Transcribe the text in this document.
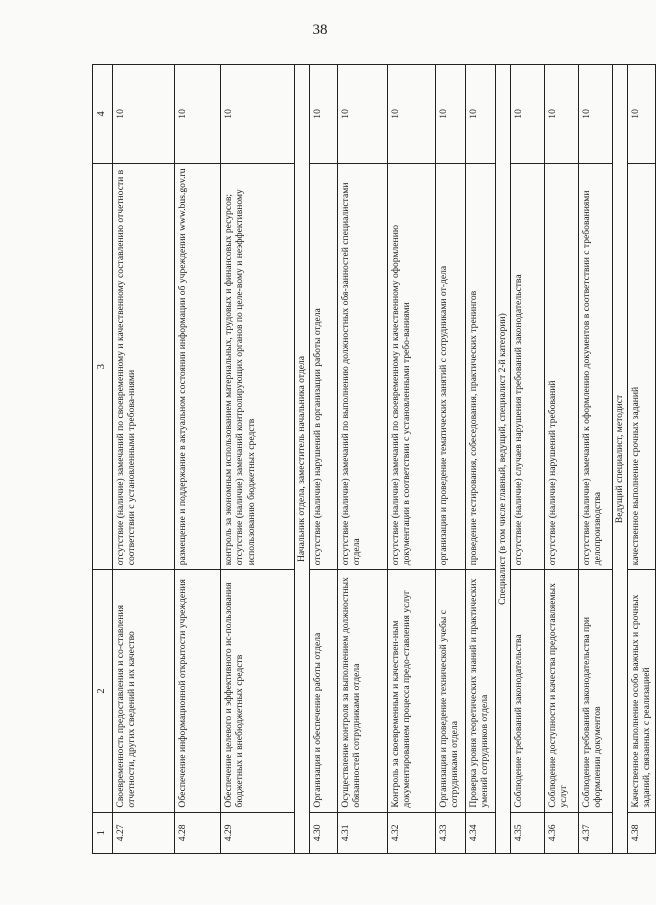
38
1	2	3	4
4.27	Своевременность предоставления и со-ставления отчетности, других сведений и их качество	отсутствие (наличие) замечаний по своевременному и качественному составлению отчетности в соответствии с установленными требова-ниями	10
4.28	Обеспечение информационной открытости учреждения	размещение и поддержание в актуальном состоянии информации об учреждении www.bus.gov.ru	10
4.29	Обеспечение целевого и эффективного ис-пользования бюджетных и внебюджетных средств	контроль за экономным использованием материальных, трудовых и финансовых ресурсов; отсутствие (наличие) замечаний контролирующих органов по целе-вому и неэффективному использованию бюджетных средств	10
Начальник отдела, заместитель начальника отдела			
4.30	Организация и обеспечение работы отдела	отсутствие (наличие) нарушений в организации работы отдела	10
4.31	Осуществление контроля за выполнением должностных обязанностей сотрудниками отдела	отсутствие (наличие) замечаний по выполнению должностных обя-занностей специалистами отдела	10
4.32	Контроль за своевременным и качествен-ным документированием процесса предо-ставления услуг	отсутствие (наличие) замечаний по своевременному и качественному оформлению документации в соответствии с установленными требо-ваниями	10
4.33	Организация и проведение технической учебы с сотрудниками отдела	организация и проведение тематических занятий с сотрудниками от-дела	10
4.34	Проверка уровня теоретических знаний и практических умений сотрудников отдела	проведение тестирования, собеседования, практических тренингов	10
Специалист (в том числе главный, ведущий, специалист 2-й категории)			
4.35	Соблюдение требований законодательства	отсутствие (наличие) случаев нарушения требований законодательства	10
4.36	Соблюдение доступности и качества предоставляемых услуг	отсутствие (наличие) нарушений требований	10
4.37	Соблюдение требований законодательства при оформлении документов	отсутствие (наличие) замечаний к оформлению документов в соответствии с требованиями делопроизводства	10
Ведущий специалист, методист			
4.38	Качественное выполнение особо важных и срочных заданий, связанных с реализацией	качественное выполнение срочных заданий	10
